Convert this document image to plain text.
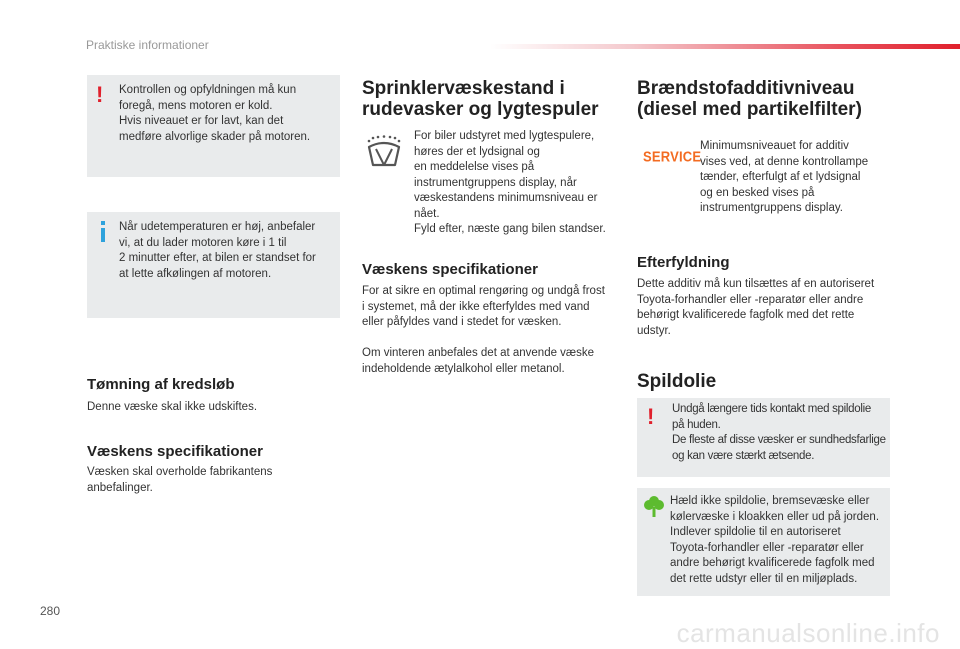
Praktiske informationer
! Kontrollen og opfyldningen må kun

foregå, mens motoren er kold.

Hvis niveauet er for lavt, kan det

medføre alvorlige skader på motoren.

Når udetemperaturen er høj, anbefaler

vi, at du lader motoren køre i 1 til

2 minutter efter, at bilen er standset for

at lette afkølingen af motoren.

Tømning af kredsløb

Denne væske skal ikke udskiftes.

Væskens specifikationer

Væsken skal overholde fabrikantens

anbefalinger.

Sprinklervæskestand i
rudevasker og lygtespuler

For biler udstyret med lygtespulere,

høres der et lydsignal og

en meddelelse vises på

instrumentgruppens display, når

væskestandens minimumsniveau er

nået.

Fyld efter, næste gang bilen standser.

Væskens specifikationer

For at sikre en optimal rengøring og undgå frost

i systemet, må der ikke efterfyldes med vand

eller påfyldes vand i stedet for væsken.

Om vinteren anbefales det at anvende væske

indeholdende ætylalkohol eller metanol.

Brændstofadditivniveau
(diesel med partikelfilter)
SERVICE

Minimumsniveauet for additiv

vises ved, at denne kontrollampe

tænder, efterfulgt af et lydsignal

og en besked vises på

instrumentgruppens display.

Efterfyldning

Dette additiv må kun tilsættes af en autoriseret

Toyota-forhandler eller -reparatør eller andre

behørigt kvalificerede fagfolk med det rette

udstyr.

Spildolie
! Undgå længere tids kontakt med spildolie

på huden.

De fleste af disse væsker er sundhedsfarlige

og kan være stærkt ætsende.

Hæld ikke spildolie, bremsevæske eller

kølervæske i kloakken eller ud på jorden.

Indlever spildolie til en autoriseret

Toyota-forhandler eller -reparatør eller

andre behørigt kvalificerede fagfolk med

det rette udstyr eller til en miljøplads.

280
carmanualsonline.info
